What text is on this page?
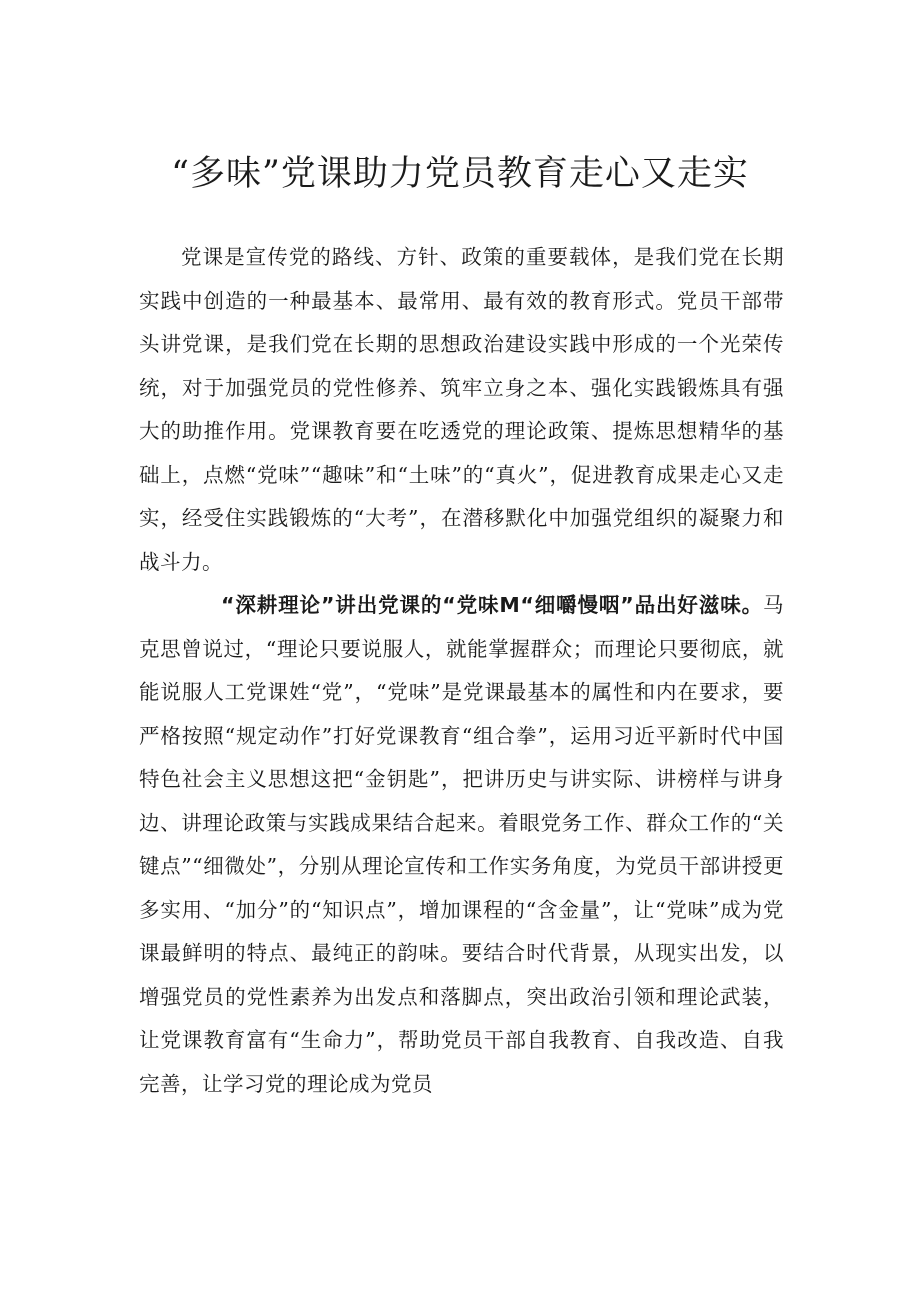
“多味”党课助力党员教育走心又走实

党课是宣传党的路线、方针、政策的重要载体，是我们党在长期实践中创造的一种最基本、最常用、最有效的教育形式。党员干部带头讲党课，是我们党在长期的思想政治建设实践中形成的一个光荣传统，对于加强党员的党性修养、筑牢立身之本、强化实践锻炼具有强大的助推作用。党课教育要在吃透党的理论政策、提炼思想精华的基础上，点燃“党味”“趣味”和“土味”的“真火”，促进教育成果走心又走实，经受住实践锻炼的“大考”，在潜移默化中加强党组织的凝聚力和战斗力。

“深耕理论”讲出党课的“党味M“细嚼慢咽”品出好滋味。马克思曾说过，“理论只要说服人，就能掌握群众；而理论只要彻底，就能说服人工党课姓“党”，“党味”是党课最基本的属性和内在要求，要严格按照“规定动作”打好党课教育“组合拳”，运用习近平新时代中国特色社会主义思想这把“金钥匙”，把讲历史与讲实际、讲榜样与讲身边、讲理论政策与实践成果结合起来。着眼党务工作、群众工作的“关键点”“细微处”，分别从理论宣传和工作实务角度，为党员干部讲授更多实用、“加分”的“知识点”，增加课程的“含金量”，让“党味”成为党课最鲜明的特点、最纯正的韵味。要结合时代背景，从现实出发，以增强党员的党性素养为出发点和落脚点，突出政治引领和理论武装，让党课教育富有“生命力”，帮助党员干部自我教育、自我改造、自我完善，让学习党的理论成为党员
